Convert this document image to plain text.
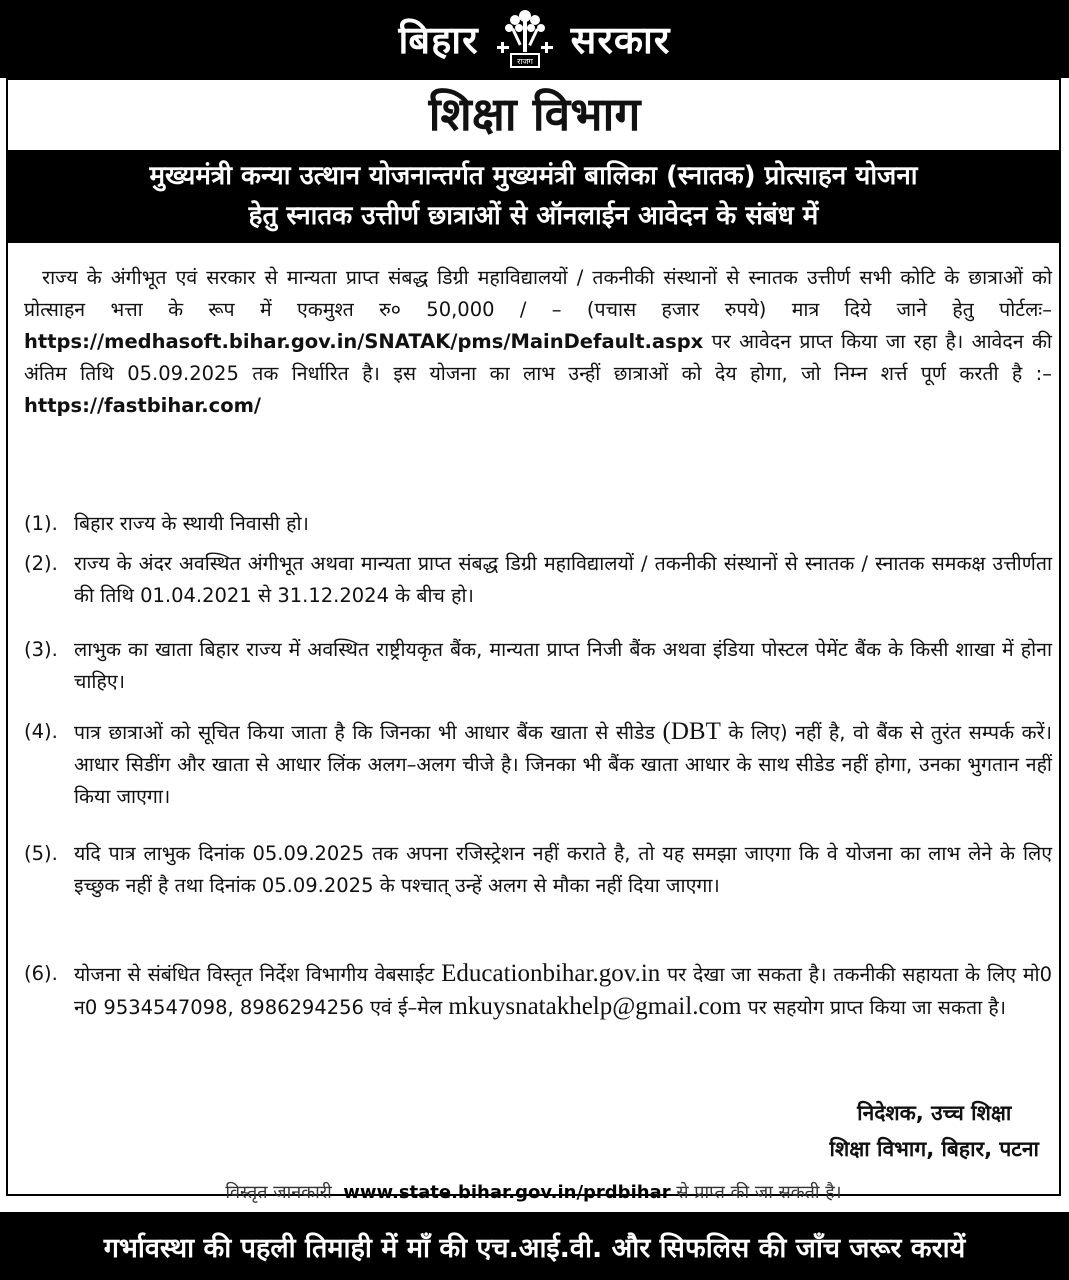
बिहार	राजग सरकार
शिक्षा विभाग
मुख्यमंत्री कन्या उत्थान योजनान्तर्गत मुख्यमंत्री बालिका (स्नातक) प्रोत्साहन योजना
हेतु स्नातक उत्तीर्ण छात्राओं से ऑनलाईन आवेदन के संबंध में
राज्य के अंगीभूत एवं सरकार से मान्यता प्राप्त संबद्ध डिग्री महाविद्यालयों / तकनीकी संस्थानों से स्नातक उत्तीर्ण सभी कोटि के छात्राओं को प्रोत्साहन भत्ता के रूप में एकमुश्त रु० 50,000 / – (पचास हजार रुपये) मात्र दिये जाने हेतु पोर्टलः– https://medhasoft.bihar.gov.in/SNATAK/pms/MainDefault.aspx पर आवेदन प्राप्त किया जा रहा है। आवेदन की अंतिम तिथि 05.09.2025 तक निर्धारित है। इस योजना का लाभ उन्हीं छात्राओं को देय होगा, जो निम्न शर्त्त पूर्ण करती है :– https://fastbihar.com/
(1). बिहार राज्य के स्थायी निवासी हो।
(2). राज्य के अंदर अवस्थित अंगीभूत अथवा मान्यता प्राप्त संबद्ध डिग्री महाविद्यालयों / तकनीकी संस्थानों से स्नातक / स्नातक समकक्ष उत्तीर्णता की तिथि 01.04.2021 से 31.12.2024 के बीच हो।
(3). लाभुक का खाता बिहार राज्य में अवस्थित राष्ट्रीयकृत बैंक, मान्यता प्राप्त निजी बैंक अथवा इंडिया पोस्टल पेमेंट बैंक के किसी शाखा में होना चाहिए।
(4). पात्र छात्राओं को सूचित किया जाता है कि जिनका भी आधार बैंक खाता से सीडेड (DBT के लिए) नहीं है, वो बैंक से तुरंत सम्पर्क करें। आधार सिडींग और खाता से आधार लिंक अलग–अलग चीजे है। जिनका भी बैंक खाता आधार के साथ सीडेड नहीं होगा, उनका भुगतान नहीं किया जाएगा।
(5). यदि पात्र लाभुक दिनांक 05.09.2025 तक अपना रजिस्ट्रेशन नहीं कराते है, तो यह समझा जाएगा कि वे योजना का लाभ लेने के लिए इच्छुक नहीं है तथा दिनांक 05.09.2025 के पश्चात् उन्हें अलग से मौका नहीं दिया जाएगा।
(6). योजना से संबंधित विस्तृत निर्देश विभागीय वेबसाईट Educationbihar.gov.in पर देखा जा सकता है। तकनीकी सहायता के लिए मो0 न0 9534547098, 8986294256 एवं ई–मेल mkuysnatakhelp@gmail.com पर सहयोग प्राप्त किया जा सकता है।
निदेशक, उच्च शिक्षा
शिक्षा विभाग, बिहार, पटना
विस्तृत जानकारी www.state.bihar.gov.in/prdbihar से प्राप्त की जा सकती है।
गर्भावस्था की पहली तिमाही में माँ की एच.आई.वी. और सिफलिस की जाँच जरूर करायें
